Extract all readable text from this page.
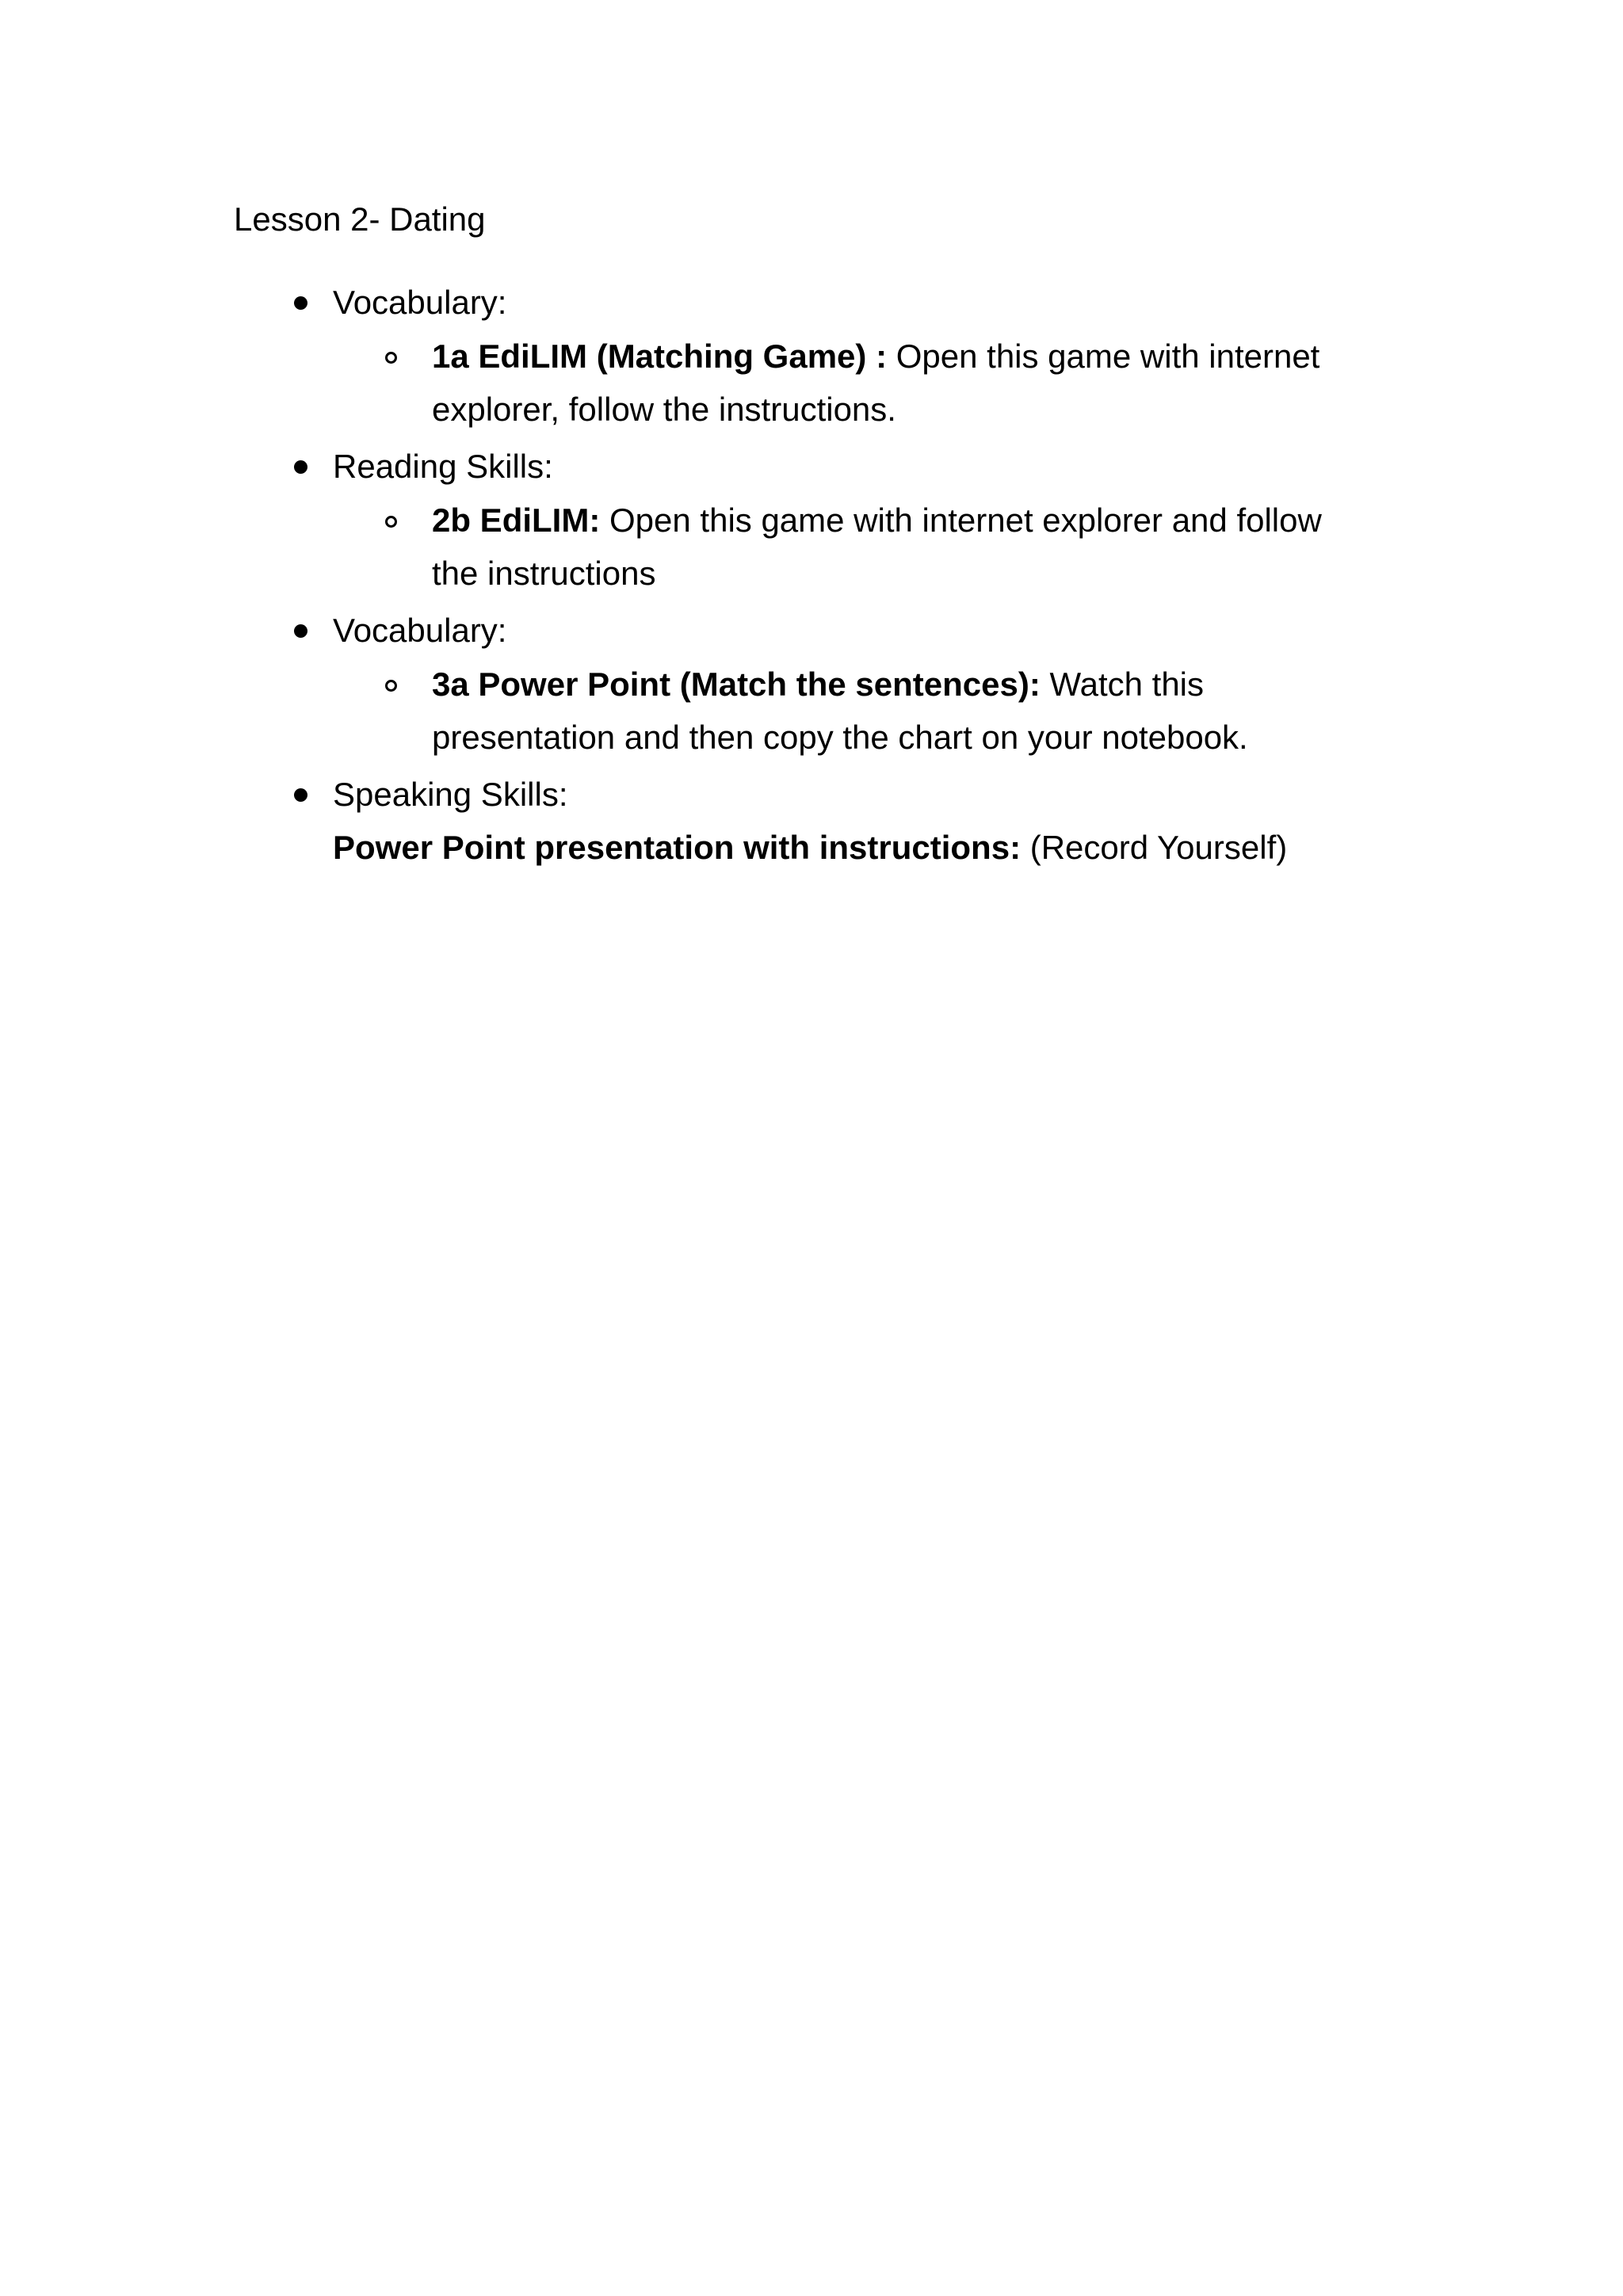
Lesson 2- Dating
Vocabulary:
1a EdiLIM (Matching Game) : Open this game with internet
explorer, follow the instructions.
Reading Skills:
2b EdiLIM: Open this game with internet explorer and follow
the instructions
Vocabulary:
3a Power Point (Match the sentences): Watch this
presentation and then copy the chart on your notebook.
Speaking Skills:
Power Point presentation with instructions: (Record Yourself)
